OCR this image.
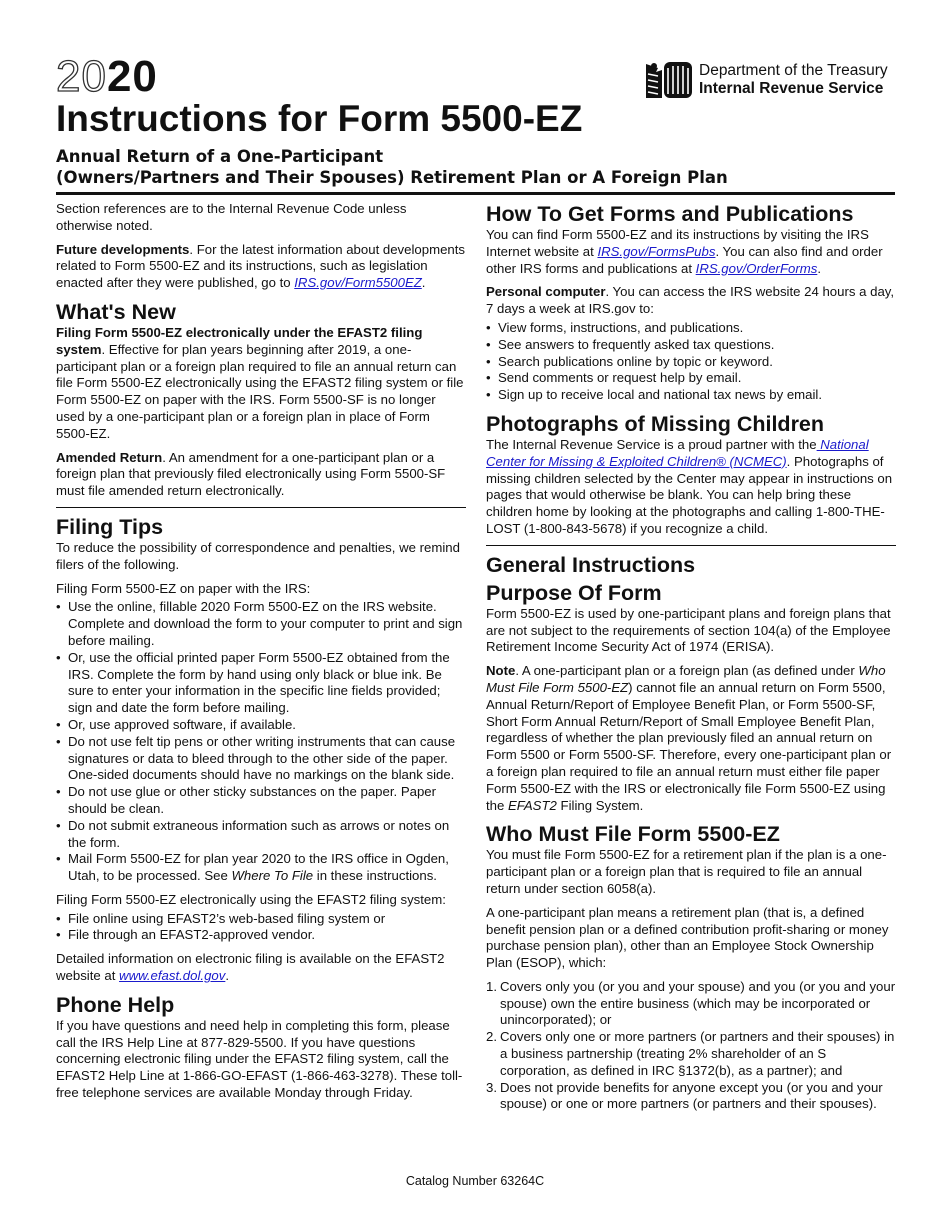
2020
Instructions for Form 5500-EZ
Annual Return of a One-Participant
(Owners/Partners and Their Spouses) Retirement Plan or A Foreign Plan
Department of the Treasury
Internal Revenue Service

Section references are to the Internal Revenue Code unless otherwise noted.

Future developments. For the latest information about developments related to Form 5500-EZ and its instructions, such as legislation enacted after they were published, go to IRS.gov/Form5500EZ.

What's New

Filing Form 5500-EZ electronically under the EFAST2 filing system. Effective for plan years beginning after 2019, a one-participant plan or a foreign plan required to file an annual return can file Form 5500-EZ electronically using the EFAST2 filing system or file Form 5500-EZ on paper with the IRS. Form 5500-SF is no longer used by a one-participant plan or a foreign plan in place of Form 5500-EZ.

Amended Return. An amendment for a one-participant plan or a foreign plan that previously filed electronically using Form 5500-SF must file amended return electronically.

Filing Tips

To reduce the possibility of correspondence and penalties, we remind filers of the following.

Filing Form 5500-EZ on paper with the IRS:

• Use the online, fillable 2020 Form 5500-EZ on the IRS website. Complete and download the form to your computer to print and sign before mailing.
• Or, use the official printed paper Form 5500-EZ obtained from the IRS. Complete the form by hand using only black or blue ink. Be sure to enter your information in the specific line fields provided; sign and date the form before mailing.
• Or, use approved software, if available.
• Do not use felt tip pens or other writing instruments that can cause signatures or data to bleed through to the other side of the paper. One-sided documents should have no markings on the blank side.
• Do not use glue or other sticky substances on the paper. Paper should be clean.
• Do not submit extraneous information such as arrows or notes on the form.
• Mail Form 5500-EZ for plan year 2020 to the IRS office in Ogden, Utah, to be processed. See Where To File in these instructions.

Filing Form 5500-EZ electronically using the EFAST2 filing system:

• File online using EFAST2’s web-based filing system or
• File through an EFAST2-approved vendor.

Detailed information on electronic filing is available on the EFAST2 website at www.efast.dol.gov.

Phone Help

If you have questions and need help in completing this form, please call the IRS Help Line at 877-829-5500. If you have questions concerning electronic filing under the EFAST2 filing system, call the EFAST2 Help Line at 1-866-GO-EFAST (1-866-463-3278). These toll-free telephone services are available Monday through Friday.

How To Get Forms and Publications

You can find Form 5500-EZ and its instructions by visiting the IRS Internet website at IRS.gov/FormsPubs. You can also find and order other IRS forms and publications at IRS.gov/OrderForms.

Personal computer. You can access the IRS website 24 hours a day, 7 days a week at IRS.gov to:

• View forms, instructions, and publications.
• See answers to frequently asked tax questions.
• Search publications online by topic or keyword.
• Send comments or request help by email.
• Sign up to receive local and national tax news by email.
Photographs of Missing Children

The Internal Revenue Service is a proud partner with the National Center for Missing & Exploited Children® (NCMEC). Photographs of missing children selected by the Center may appear in instructions on pages that would otherwise be blank. You can help bring these children home by looking at the photographs and calling 1-800-THE-LOST (1-800-843-5678) if you recognize a child.

General Instructions
Purpose Of Form

Form 5500-EZ is used by one-participant plans and foreign plans that are not subject to the requirements of section 104(a) of the Employee Retirement Income Security Act of 1974 (ERISA).

Note. A one-participant plan or a foreign plan (as defined under Who Must File Form 5500-EZ) cannot file an annual return on Form 5500, Annual Return/Report of Employee Benefit Plan, or Form 5500-SF, Short Form Annual Return/Report of Small Employee Benefit Plan, regardless of whether the plan previously filed an annual return on Form 5500 or Form 5500-SF. Therefore, every one-participant plan or a foreign plan required to file an annual return must either file paper Form 5500-EZ with the IRS or electronically file Form 5500-EZ using the EFAST2 Filing System.

Who Must File Form 5500-EZ

You must file Form 5500-EZ for a retirement plan if the plan is a one-participant plan or a foreign plan that is required to file an annual return under section 6058(a).

A one-participant plan means a retirement plan (that is, a defined benefit pension plan or a defined contribution profit-sharing or money purchase pension plan), other than an Employee Stock Ownership Plan (ESOP), which:

1. Covers only you (or you and your spouse) and you (or you and your spouse) own the entire business (which may be incorporated or unincorporated); or
2. Covers only one or more partners (or partners and their spouses) in a business partnership (treating 2% shareholder of an S corporation, as defined in IRC §1372(b), as a partner); and
3. Does not provide benefits for anyone except you (or you and your spouse) or one or more partners (or partners and their spouses).
Catalog Number 63264C
